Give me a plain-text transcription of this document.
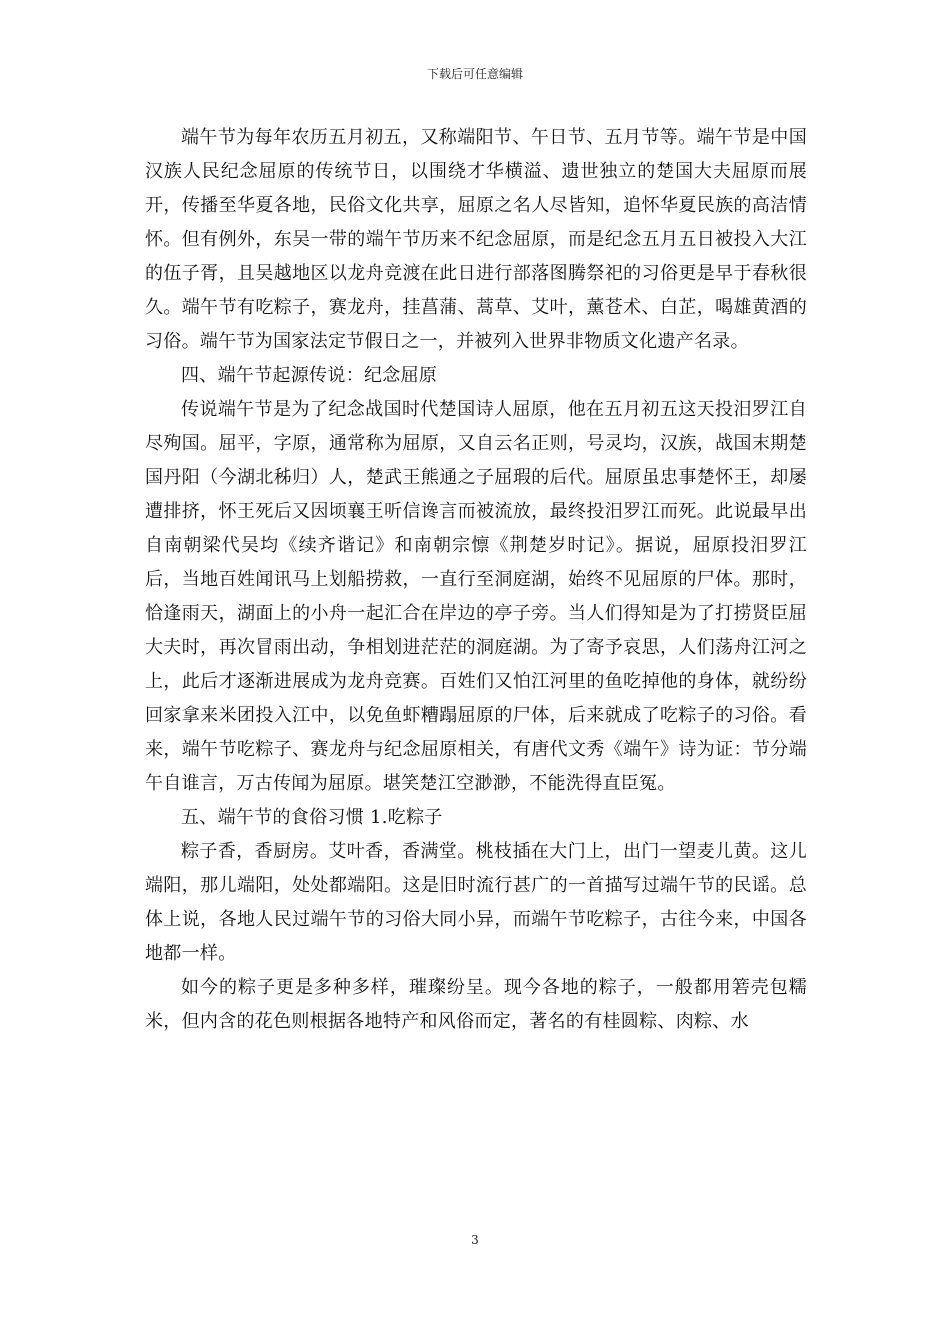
下载后可任意编辑

端午节为每年农历五月初五，又称端阳节、午日节、五月节等。端午节是中国汉族人民纪念屈原的传统节日，以围绕才华横溢、遗世独立的楚国大夫屈原而展开，传播至华夏各地，民俗文化共享，屈原之名人尽皆知，追怀华夏民族的高洁情怀。但有例外，东吴一带的端午节历来不纪念屈原，而是纪念五月五日被投入大江的伍子胥，且吴越地区以龙舟竞渡在此日进行部落图腾祭祀的习俗更是早于春秋很久。端午节有吃粽子，赛龙舟，挂菖蒲、蒿草、艾叶，薰苍术、白芷，喝雄黄酒的习俗。端午节为国家法定节假日之一，并被列入世界非物质文化遗产名录。

四、端午节起源传说：纪念屈原

传说端午节是为了纪念战国时代楚国诗人屈原，他在五月初五这天投汨罗江自尽殉国。屈平，字原，通常称为屈原，又自云名正则，号灵均，汉族，战国末期楚国丹阳（今湖北秭归）人，楚武王熊通之子屈瑕的后代。屈原虽忠事楚怀王，却屡遭排挤，怀王死后又因顷襄王听信谗言而被流放，最终投汨罗江而死。此说最早出自南朝梁代吴均《续齐谐记》和南朝宗懔《荆楚岁时记》。据说，屈原投汨罗江后，当地百姓闻讯马上划船捞救，一直行至洞庭湖，始终不见屈原的尸体。那时，恰逢雨天，湖面上的小舟一起汇合在岸边的亭子旁。当人们得知是为了打捞贤臣屈大夫时，再次冒雨出动，争相划进茫茫的洞庭湖。为了寄予哀思，人们荡舟江河之上，此后才逐渐进展成为龙舟竞赛。百姓们又怕江河里的鱼吃掉他的身体，就纷纷回家拿来米团投入江中，以免鱼虾糟蹋屈原的尸体，后来就成了吃粽子的习俗。看来，端午节吃粽子、赛龙舟与纪念屈原相关，有唐代文秀《端午》诗为证：节分端午自谁言，万古传闻为屈原。堪笑楚江空渺渺，不能洗得直臣冤。

五、端午节的食俗习惯 1.吃粽子

粽子香，香厨房。艾叶香，香满堂。桃枝插在大门上，出门一望麦儿黄。这儿端阳，那儿端阳，处处都端阳。这是旧时流行甚广的一首描写过端午节的民谣。总体上说，各地人民过端午节的习俗大同小异，而端午节吃粽子，古往今来，中国各地都一样。

如今的粽子更是多种多样，璀璨纷呈。现今各地的粽子，一般都用箬壳包糯米，但内含的花色则根据各地特产和风俗而定，著名的有桂圆粽、肉粽、水

3
